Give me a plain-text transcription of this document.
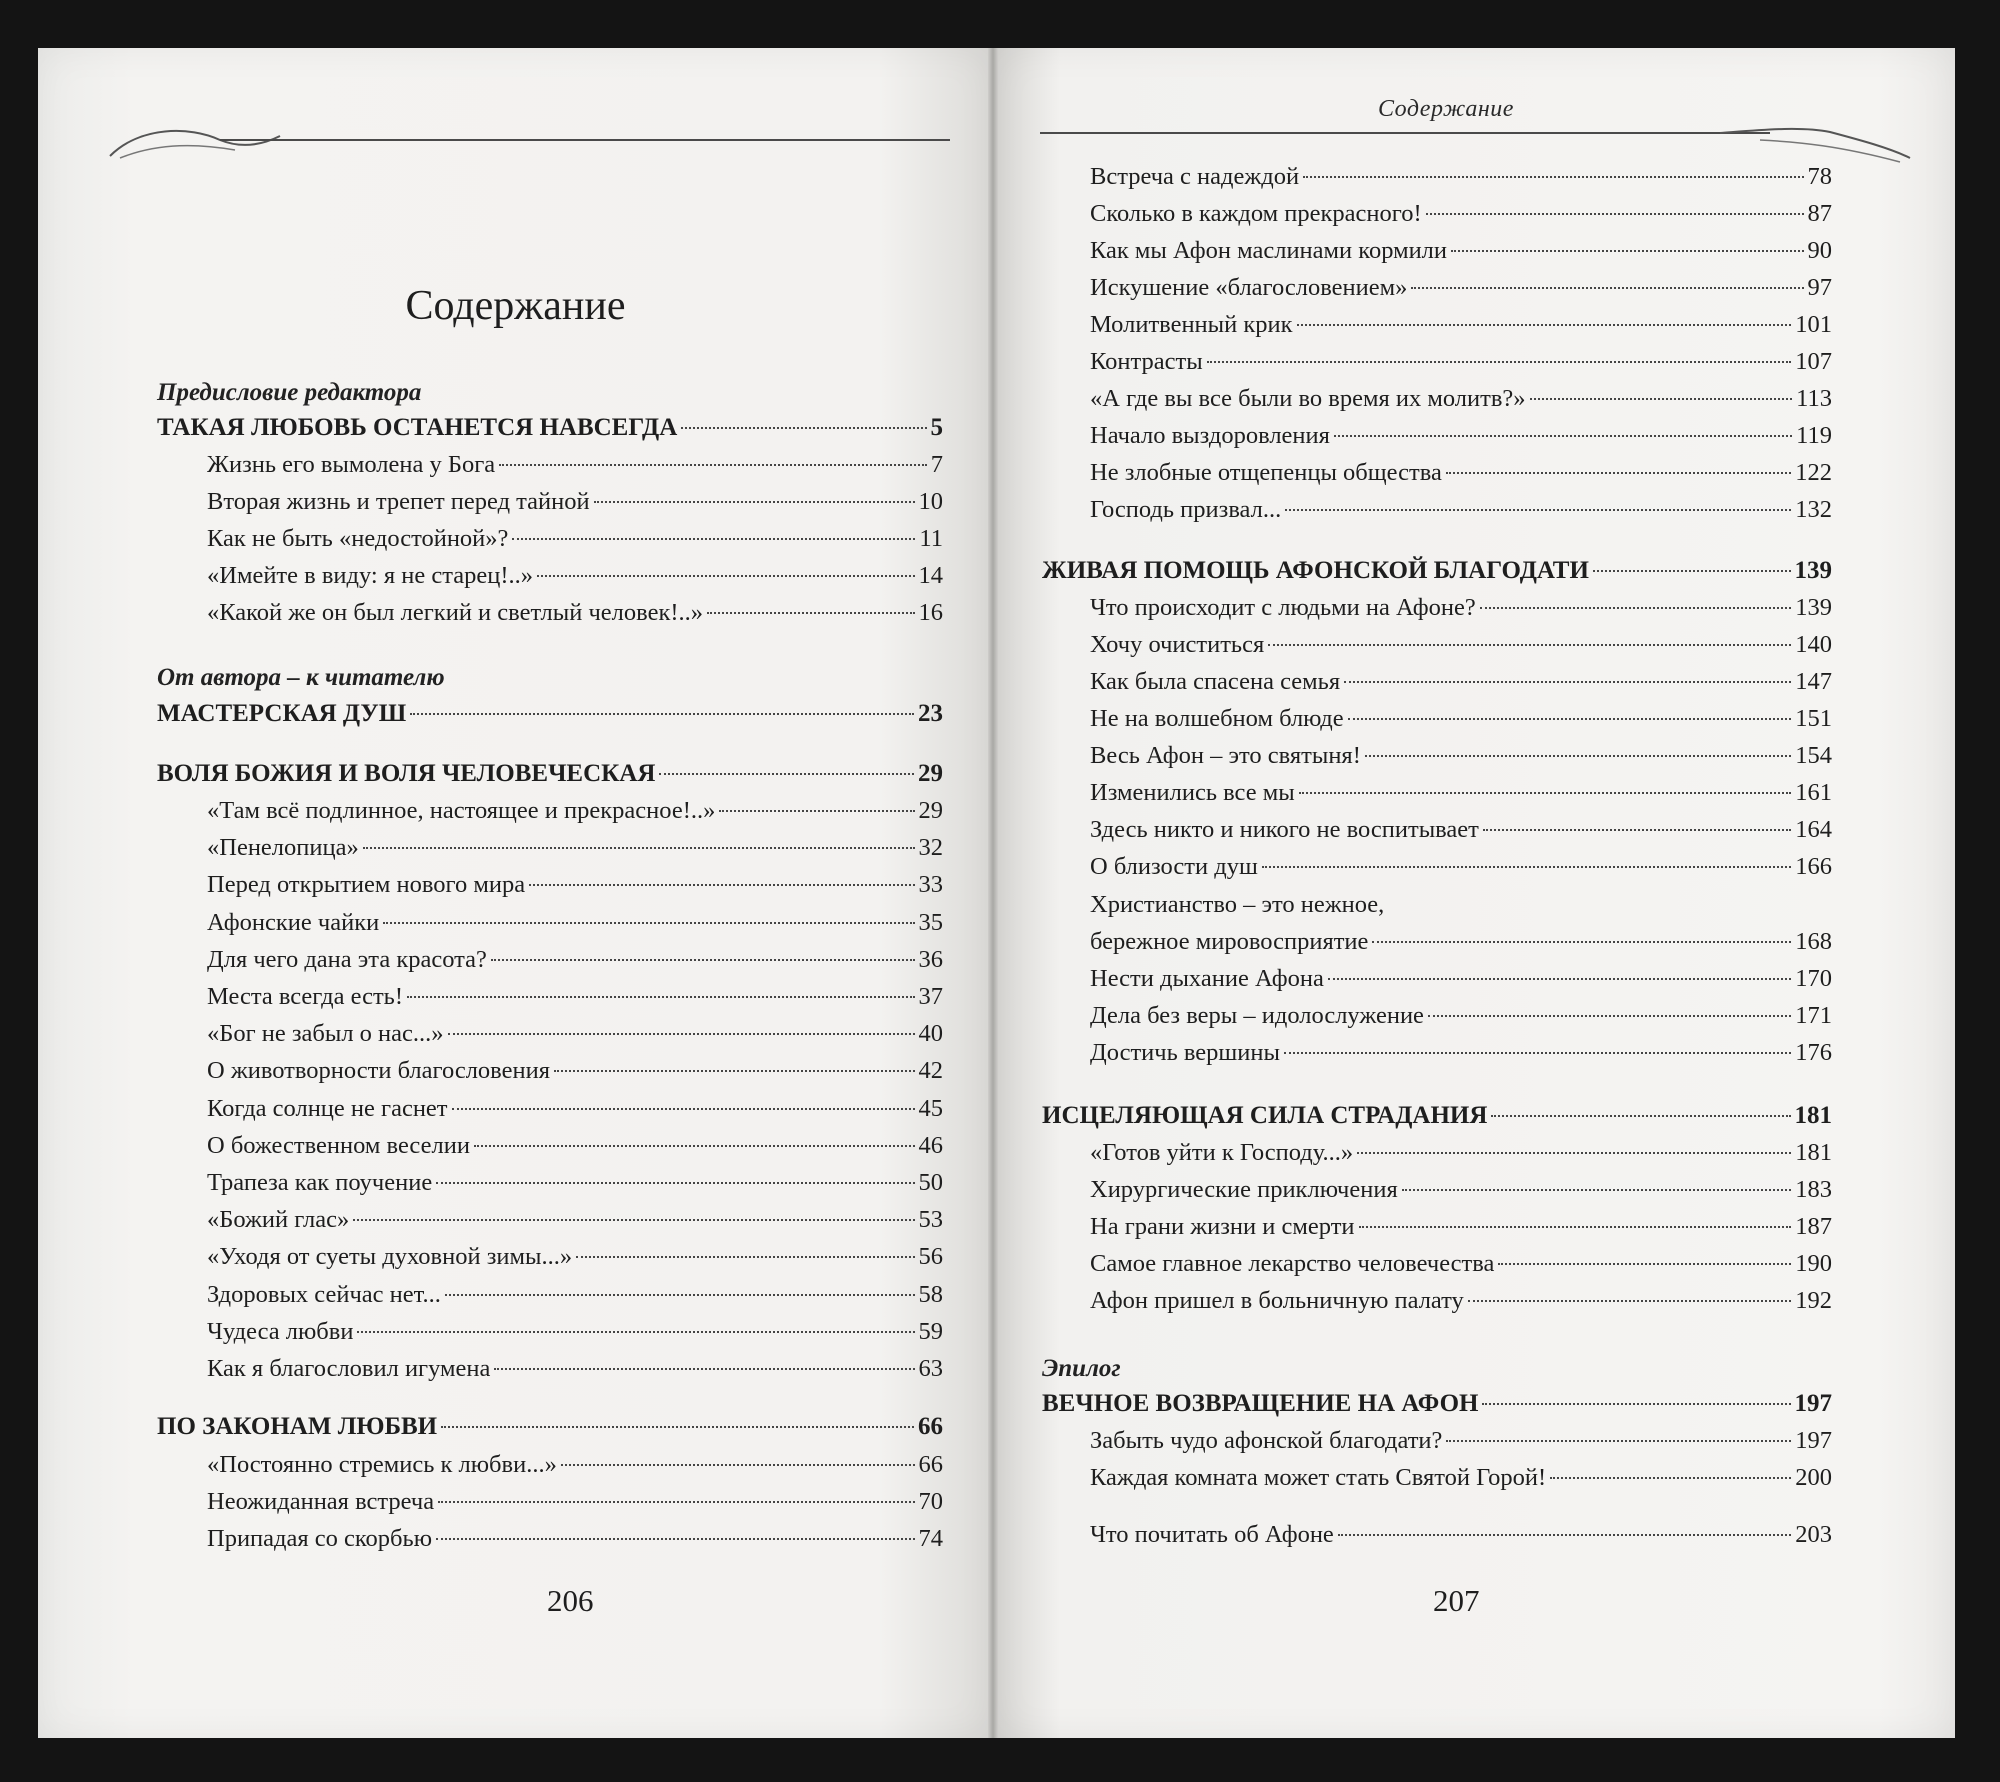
Содержание
Предисловие редактора
ТАКАЯ ЛЮБОВЬ ОСТАНЕТСЯ НАВСЕГДА	5
Жизнь его вымолена у Бога	7
Вторая жизнь и трепет перед тайной	10
Как не быть «недостойной»?	11
«Имейте в виду: я не старец!..»	14
«Какой же он был легкий и светлый человек!..»	16
От автора – к читателю
МАСТЕРСКАЯ ДУШ	23
ВОЛЯ БОЖИЯ И ВОЛЯ ЧЕЛОВЕЧЕСКАЯ	29
«Там всё подлинное, настоящее и прекрасное!..»	29
«Пенелопица»	32
Перед открытием нового мира	33
Афонские чайки	35
Для чего дана эта красота?	36
Места всегда есть!	37
«Бог не забыл о нас...»	40
О животворности благословения	42
Когда солнце не гаснет	45
О божественном веселии	46
Трапеза как поучение	50
«Божий глас»	53
«Уходя от суеты духовной зимы...»	56
Здоровых сейчас нет...	58
Чудеса любви	59
Как я благословил игумена	63
ПО ЗАКОНАМ ЛЮБВИ	66
«Постоянно стремись к любви...»	66
Неожиданная встреча	70
Припадая со скорбью	74
206
Содержание
Встреча с надеждой	78
Сколько в каждом прекрасного!	87
Как мы Афон маслинами кормили	90
Искушение «благословением»	97
Молитвенный крик	101
Контрасты	107
«А где вы все были во время их молитв?»	113
Начало выздоровления	119
Не злобные отщепенцы общества	122
Господь призвал...	132
ЖИВАЯ ПОМОЩЬ АФОНСКОЙ БЛАГОДАТИ	139
Что происходит с людьми на Афоне?	139
Хочу очиститься	140
Как была спасена семья	147
Не на волшебном блюде	151
Весь Афон – это святыня!	154
Изменились все мы	161
Здесь никто и никого не воспитывает	164
О близости душ	166
Христианство – это нежное,
бережное мировосприятие	168
Нести дыхание Афона	170
Дела без веры – идолослужение	171
Достичь вершины	176
ИСЦЕЛЯЮЩАЯ СИЛА СТРАДАНИЯ	181
«Готов уйти к Господу...»	181
Хирургические приключения	183
На грани жизни и смерти	187
Самое главное лекарство человечества	190
Афон пришел в больничную палату	192
Эпилог
ВЕЧНОЕ ВОЗВРАЩЕНИЕ НА АФОН	197
Забыть чудо афонской благодати?	197
Каждая комната может стать Святой Горой!	200
Что почитать об Афоне	203
207
